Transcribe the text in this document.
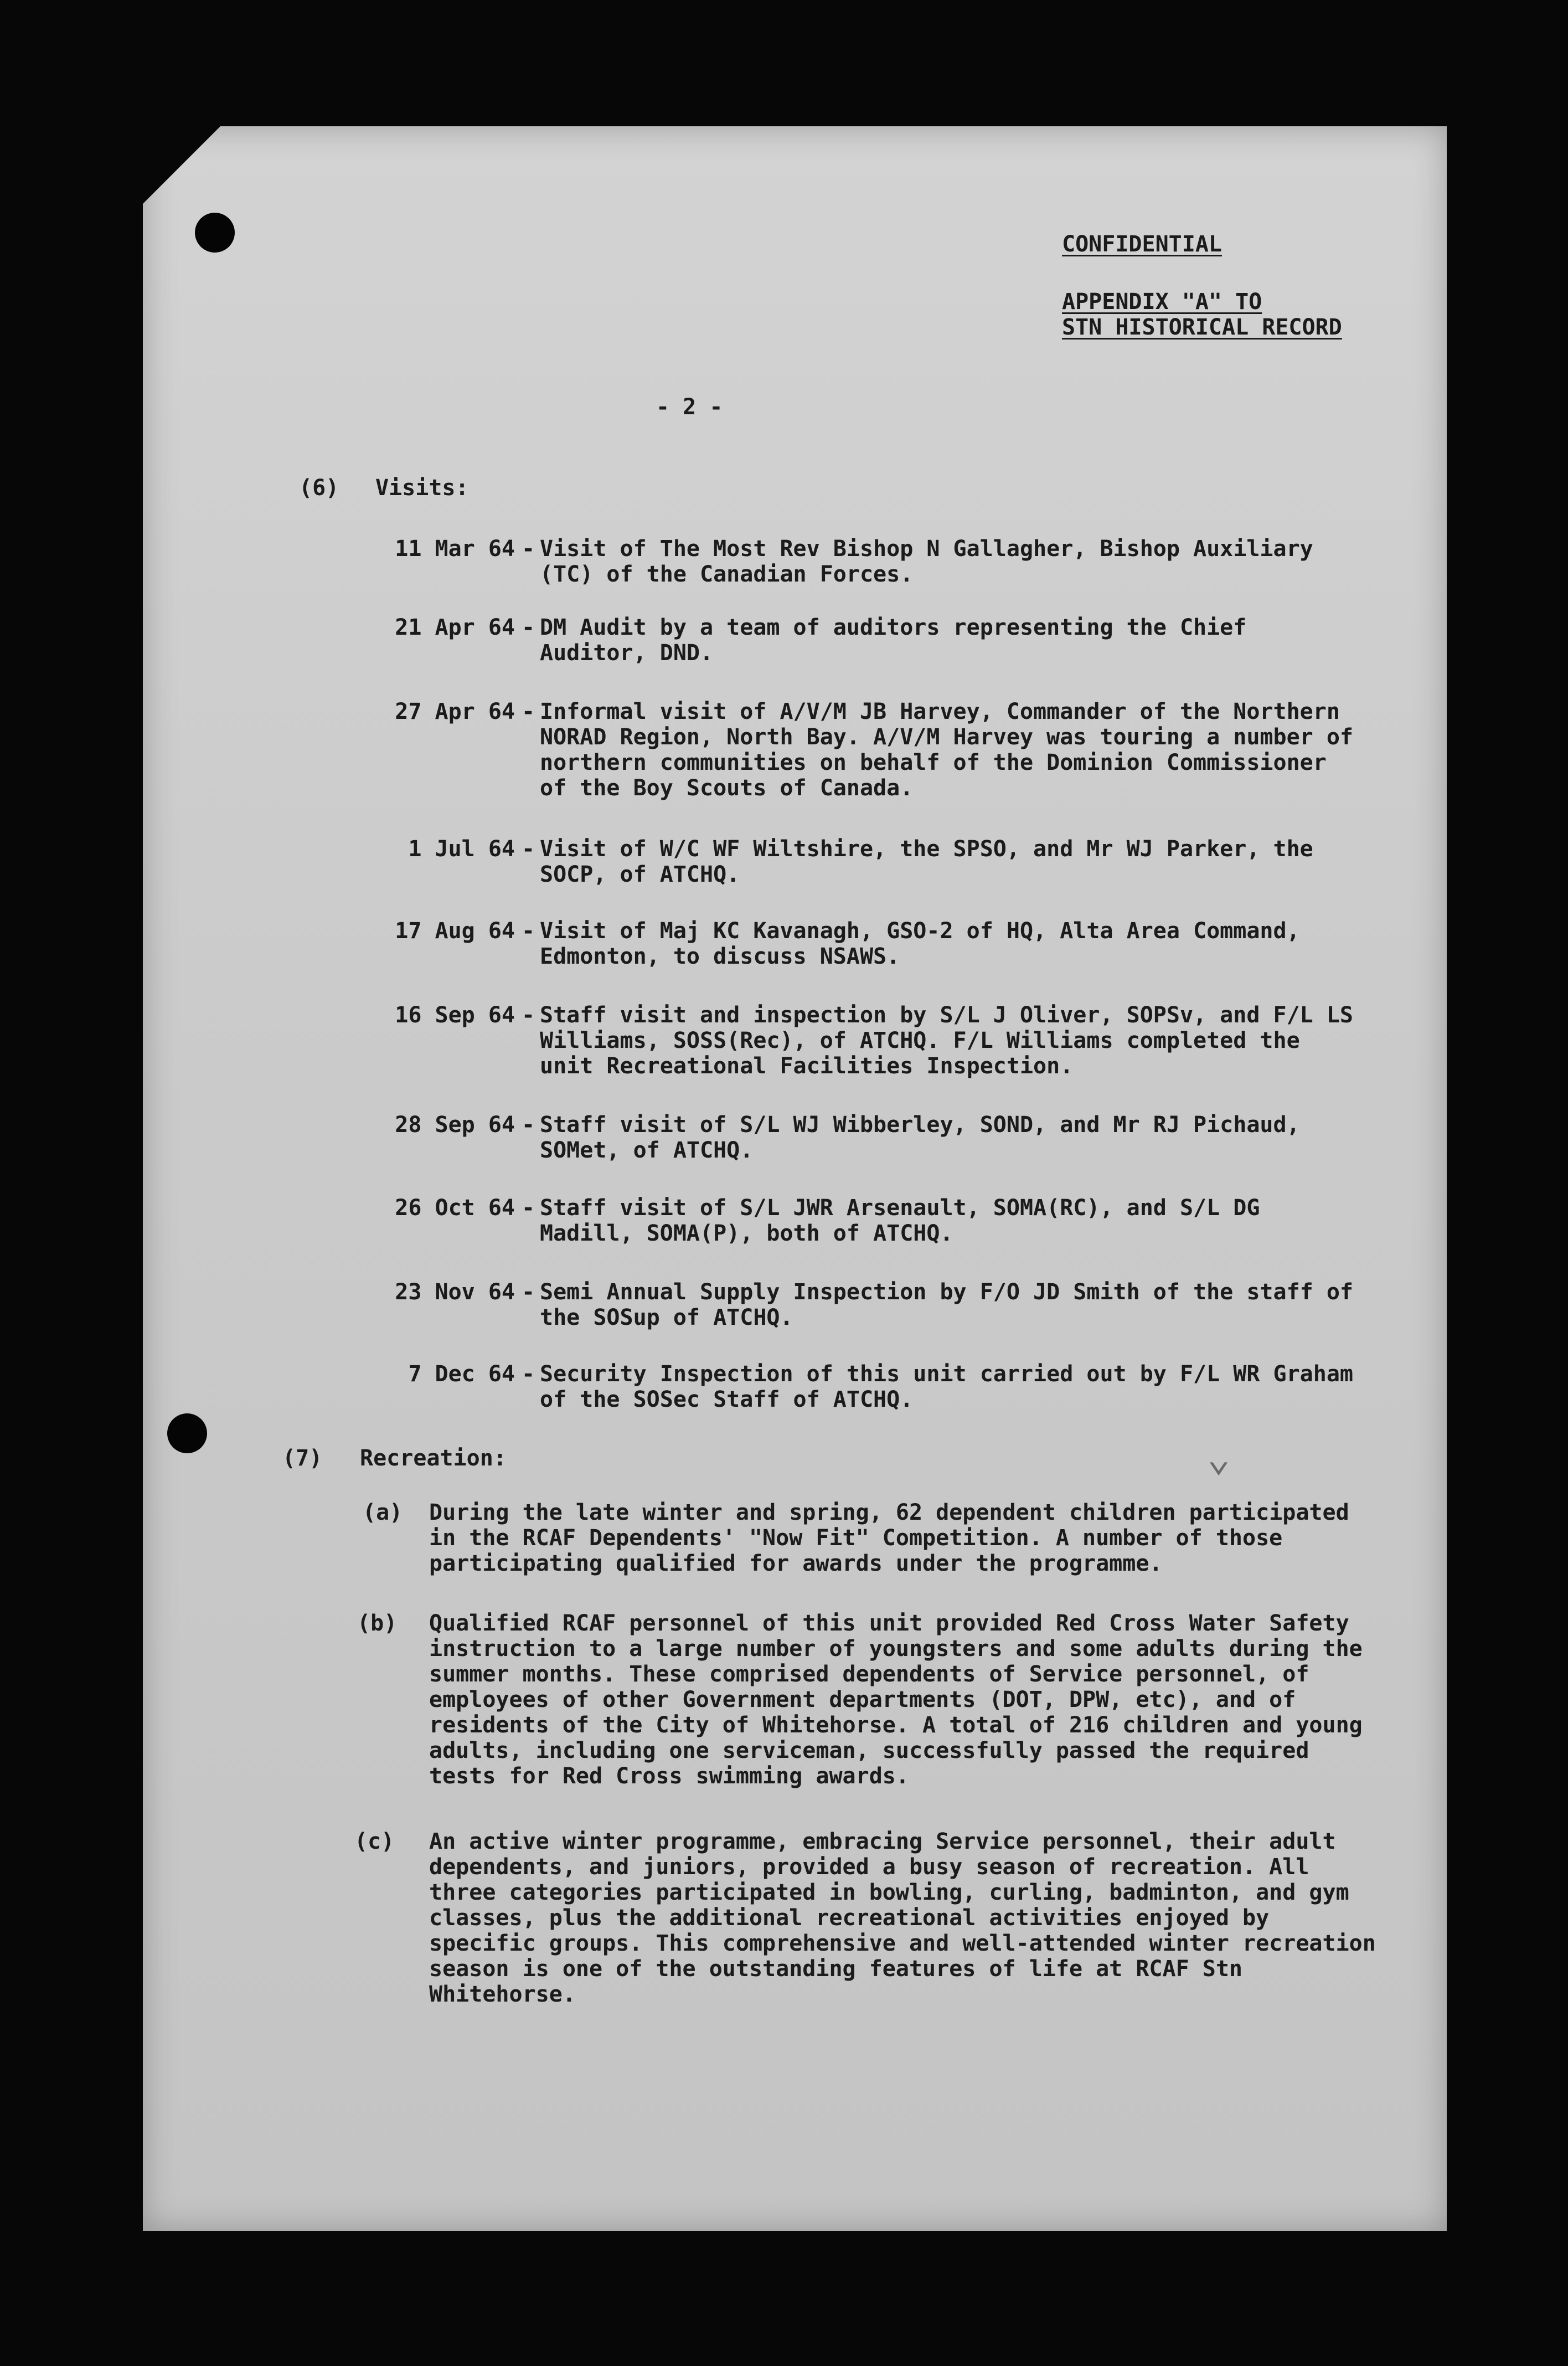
CONFIDENTIAL
APPENDIX "A" TO
STN HISTORICAL RECORD
- 2 -
(6) Visits:
11 Mar 64 - Visit of The Most Rev Bishop N Gallagher, Bishop Auxiliary (TC) of the Canadian Forces.
21 Apr 64 - DM Audit by a team of auditors representing the Chief Auditor, DND.
27 Apr 64 - Informal visit of A/V/M JB Harvey, Commander of the Northern NORAD Region, North Bay. A/V/M Harvey was touring a number of northern communities on behalf of the Dominion Commissioner of the Boy Scouts of Canada.
1 Jul 64 - Visit of W/C WF Wiltshire, the SPSO, and Mr WJ Parker, the SOCP, of ATCHQ.
17 Aug 64 - Visit of Maj KC Kavanagh, GSO-2 of HQ, Alta Area Command, Edmonton, to discuss NSAWS.
16 Sep 64 - Staff visit and inspection by S/L J Oliver, SOPSv, and F/L LS Williams, SOSS(Rec), of ATCHQ. F/L Williams completed the unit Recreational Facilities Inspection.
28 Sep 64 - Staff visit of S/L WJ Wibberley, SOND, and Mr RJ Pichaud, SOMet, of ATCHQ.
26 Oct 64 - Staff visit of S/L JWR Arsenault, SOMA(RC), and S/L DG Madill, SOMA(P), both of ATCHQ.
23 Nov 64 - Semi Annual Supply Inspection by F/O JD Smith of the staff of the SOSup of ATCHQ.
7 Dec 64 - Security Inspection of this unit carried out by F/L WR Graham of the SOSec Staff of ATCHQ.
(7) Recreation:
(a) During the late winter and spring, 62 dependent children participated in the RCAF Dependents' "Now Fit" Competition. A number of those participating qualified for awards under the programme.
(b) Qualified RCAF personnel of this unit provided Red Cross Water Safety instruction to a large number of youngsters and some adults during the summer months. These comprised dependents of Service personnel, of employees of other Government departments (DOT, DPW, etc), and of residents of the City of Whitehorse. A total of 216 children and young adults, including one serviceman, successfully passed the required tests for Red Cross swimming awards.
(c) An active winter programme, embracing Service personnel, their adult dependents, and juniors, provided a busy season of recreation. All three categories participated in bowling, curling, badminton, and gym classes, plus the additional recreational activities enjoyed by specific groups. This comprehensive and well-attended winter recreation season is one of the outstanding features of life at RCAF Stn Whitehorse.
⌄
